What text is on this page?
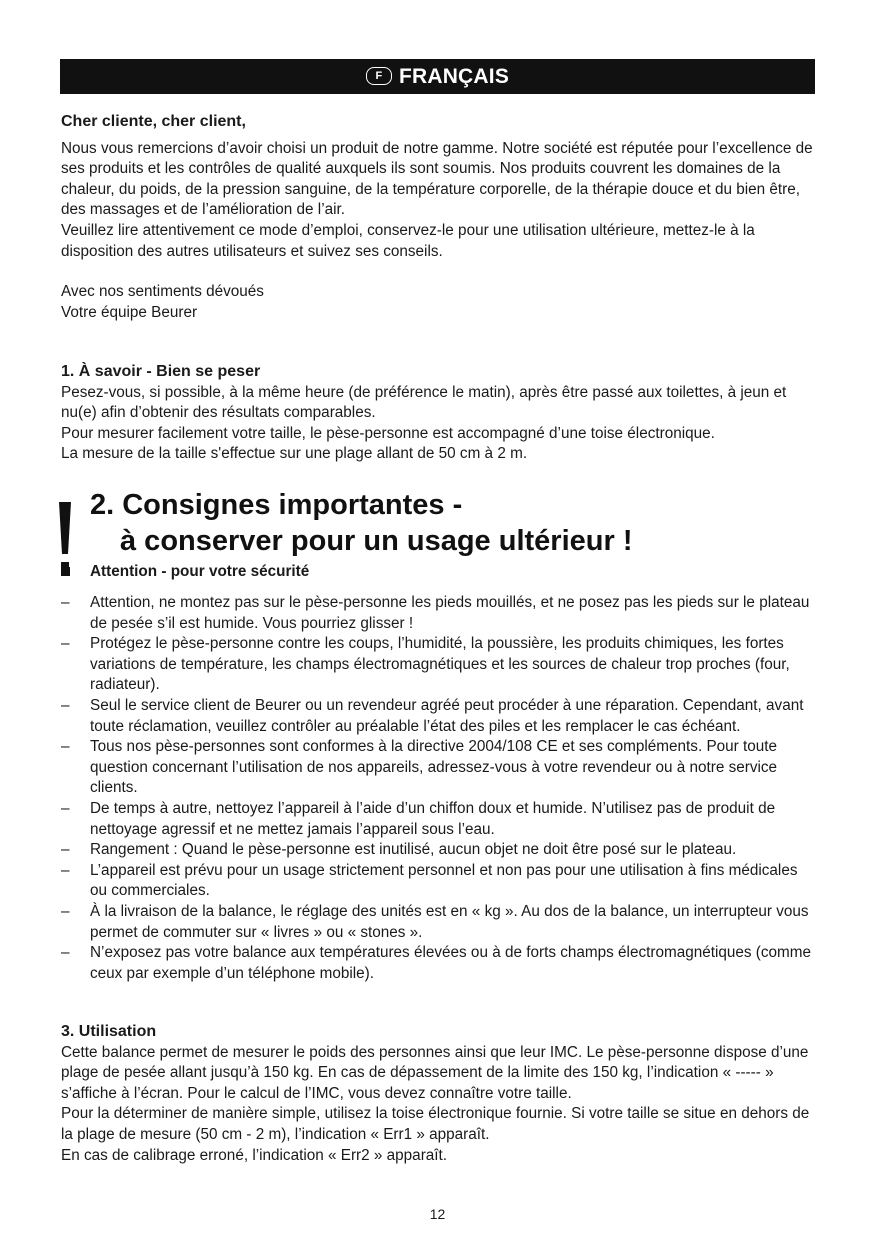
F FRANÇAIS

Cher cliente, cher client,

Nous vous remercions d’avoir choisi un produit de notre gamme. Notre société est réputée pour l’excellence de ses produits et les contrôles de qualité auxquels ils sont soumis. Nos produits couvrent les domaines de la chaleur, du poids, de la pression sanguine, de la température corporelle, de la thérapie douce et du bien être, des massages et de l’amélioration de l’air.

Veuillez lire attentivement ce mode d’emploi, conservez-le pour une utilisation ultérieure, mettez-le à la disposition des autres utilisateurs et suivez ses conseils.

Avec nos sentiments dévoués

Votre équipe Beurer

1. À savoir - Bien se peser

Pesez-vous, si possible, à la même heure (de préférence le matin), après être passé aux toilettes, à jeun et nu(e) afin d’obtenir des résultats comparables.

Pour mesurer facilement votre taille, le pèse-personne est accompagné d’une toise électronique.

La mesure de la taille s'effectue sur une plage allant de 50 cm à 2 m.

2. Consignes importantes -
à conserver pour un usage ultérieur !
Attention - pour votre sécurité
– Attention, ne montez pas sur le pèse-personne les pieds mouillés, et ne posez pas les pieds sur le plateau de pesée s’il est humide. Vous pourriez glisser !
– Protégez le pèse-personne contre les coups, l’humidité, la poussière, les produits chimiques, les fortes variations de température, les champs électromagnétiques et les sources de chaleur trop proches (four, radiateur).
– Seul le service client de Beurer ou un revendeur agréé peut procéder à une réparation. Cependant, avant toute réclamation, veuillez contrôler au préalable l’état des piles et les remplacer le cas échéant.
– Tous nos pèse-personnes sont conformes à la directive 2004/108 CE et ses compléments. Pour toute question concernant l’utilisation de nos appareils, adressez-vous à votre revendeur ou à notre service clients.
– De temps à autre, nettoyez l’appareil à l’aide d’un chiffon doux et humide. N’utilisez pas de produit de nettoyage agressif et ne mettez jamais l’appareil sous l’eau.
– Rangement : Quand le pèse-personne est inutilisé, aucun objet ne doit être posé sur le plateau.
– L’appareil est prévu pour un usage strictement personnel et non pas pour une utilisation à fins médicales ou commerciales.
– À la livraison de la balance, le réglage des unités est en « kg ». Au dos de la balance, un interrupteur vous permet de commuter sur « livres » ou « stones ».
– N’exposez pas votre balance aux températures élevées ou à de forts champs électromagnétiques (comme ceux par exemple d’un téléphone mobile).

3. Utilisation

Cette balance permet de mesurer le poids des personnes ainsi que leur IMC. Le pèse-personne dispose d’une plage de pesée allant jusqu’à 150 kg. En cas de dépassement de la limite des 150 kg, l’indication « ----- » s’affiche à l’écran. Pour le calcul de l’IMC, vous devez connaître votre taille.

Pour la déterminer de manière simple, utilisez la toise électronique fournie. Si votre taille se situe en dehors de la plage de mesure (50 cm - 2 m), l’indication « Err1 » apparaît.

En cas de calibrage erroné, l’indication « Err2 » apparaît.

12
